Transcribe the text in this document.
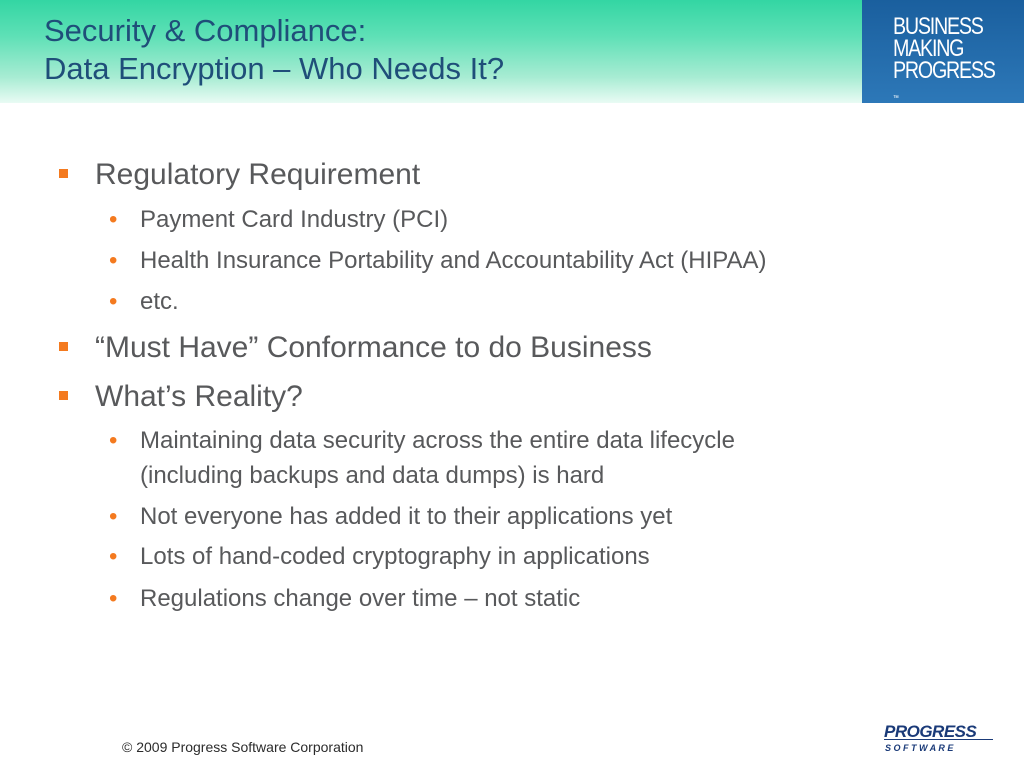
Security & Compliance:
Data Encryption – Who Needs It?
BUSINESS
MAKING
PROGRESS
™
Regulatory Requirement
• Payment Card Industry (PCI)
• Health Insurance Portability and Accountability Act (HIPAA)
• etc.
“Must Have” Conformance to do Business
What’s Reality?
• Maintaining data security across the entire data lifecycle
(including backups and data dumps) is hard
• Not everyone has added it to their applications yet
• Lots of hand-coded cryptography in applications
• Regulations change over time – not static
© 2009 Progress Software Corporation
PROGRESS
S O F T W A R E
